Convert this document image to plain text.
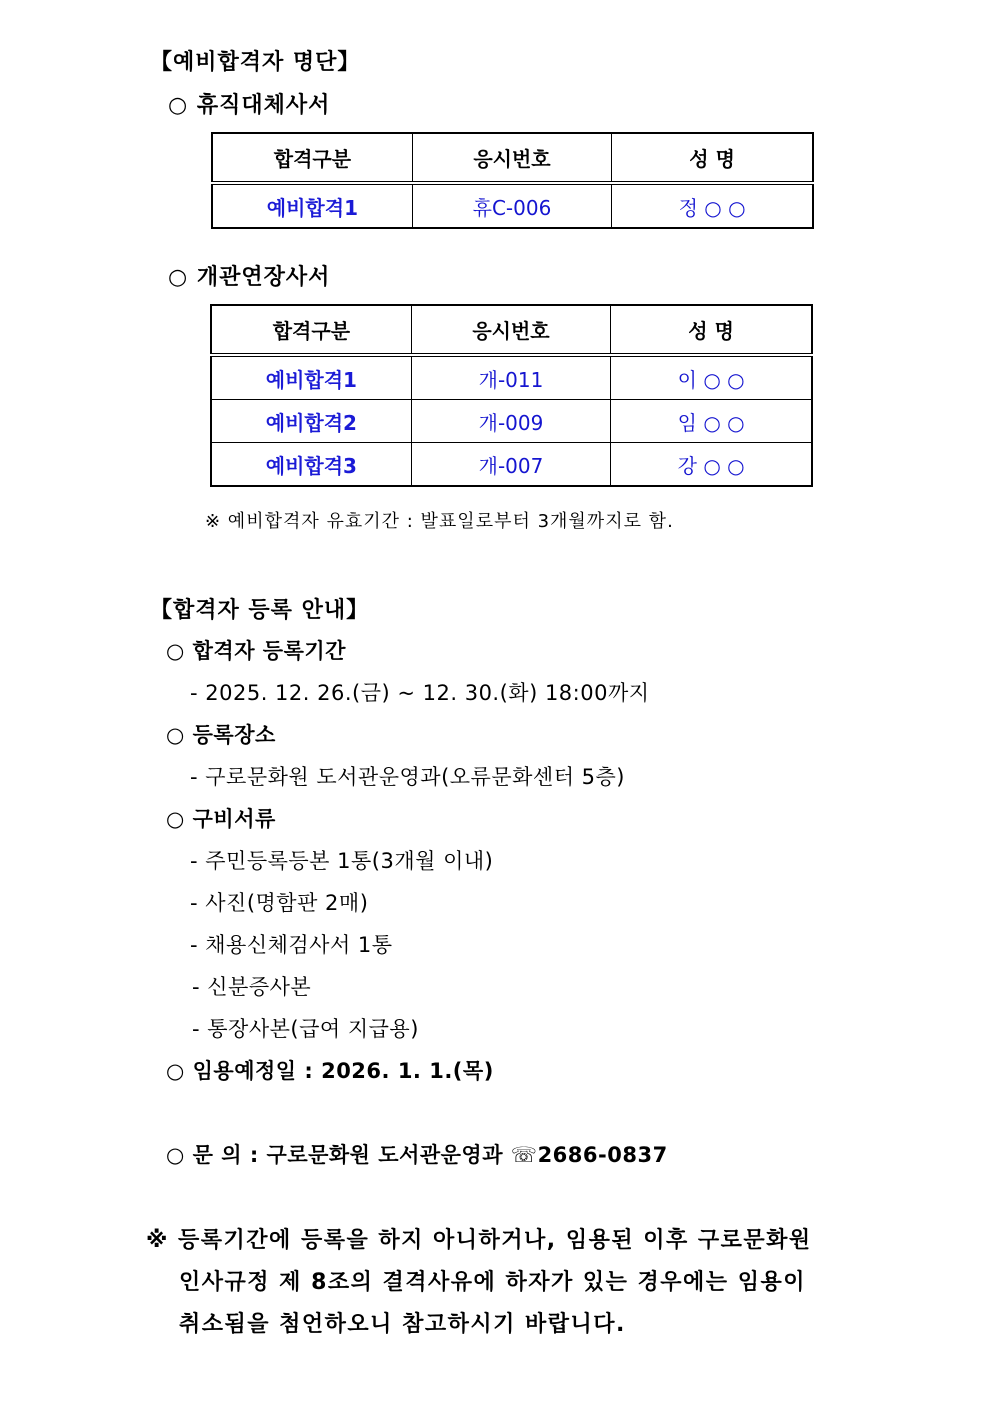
【예비합격자 명단】
○ 휴직대체사서
합격구분	응시번호	성 명
예비합격1	휴C-006	정 ○ ○
○ 개관연장사서
합격구분	응시번호	성 명
예비합격1	개-011	이 ○ ○
예비합격2	개-009	임 ○ ○
예비합격3	개-007	강 ○ ○
※ 예비합격자 유효기간 : 발표일로부터 3개월까지로 함.
【합격자 등록 안내】
○ 합격자 등록기간
- 2025. 12. 26.(금) ~ 12. 30.(화) 18:00까지
○ 등록장소
- 구로문화원 도서관운영과(오류문화센터 5층)
○ 구비서류
- 주민등록등본 1통(3개월 이내)
- 사진(명함판 2매)
- 채용신체검사서 1통
- 신분증사본
- 통장사본(급여 지급용)
○ 임용예정일 : 2026. 1. 1.(목)
○ 문 의 : 구로문화원 도서관운영과 ☏2686-0837
※ 등록기간에 등록을 하지 아니하거나, 임용된 이후 구로문화원
인사규정 제 8조의 결격사유에 하자가 있는 경우에는 임용이
취소됨을 첨언하오니 참고하시기 바랍니다.
